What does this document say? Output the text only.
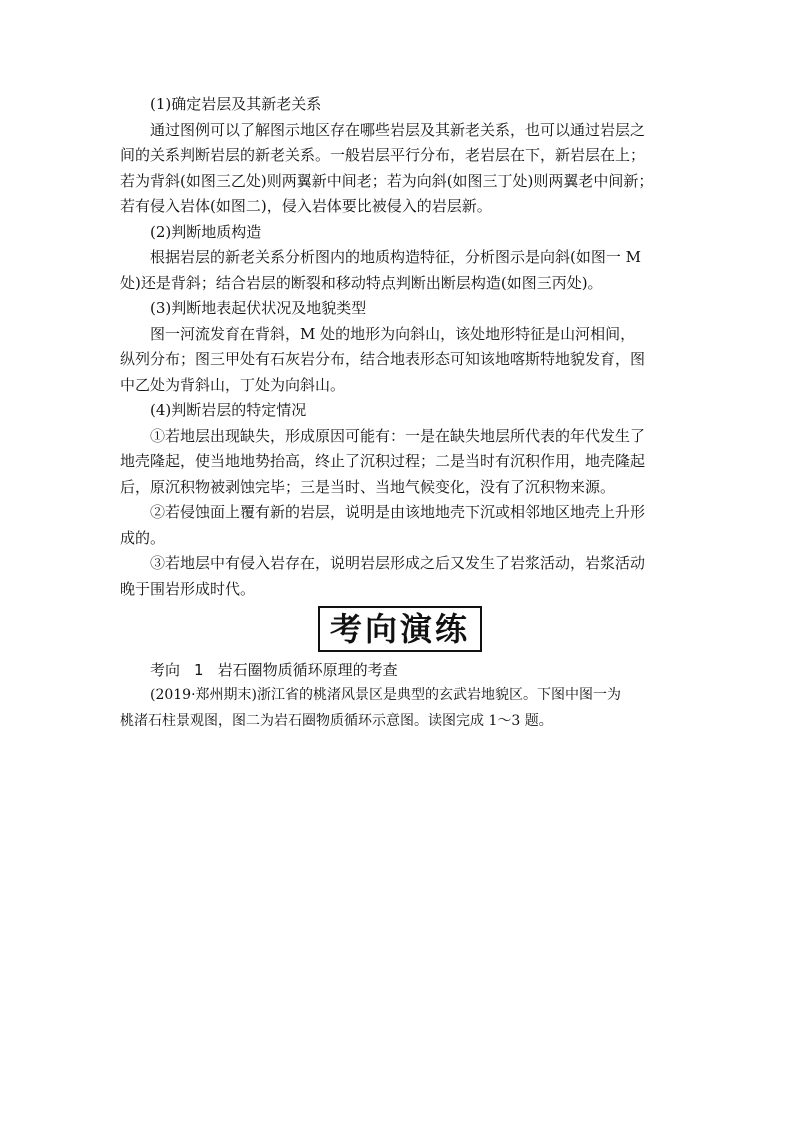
(1)确定岩层及其新老关系

通过图例可以了解图示地区存在哪些岩层及其新老关系，也可以通过岩层之

间的关系判断岩层的新老关系。一般岩层平行分布，老岩层在下，新岩层在上；

若为背斜(如图三乙处)则两翼新中间老；若为向斜(如图三丁处)则两翼老中间新；

若有侵入岩体(如图二)，侵入岩体要比被侵入的岩层新。

(2)判断地质构造

根据岩层的新老关系分析图内的地质构造特征，分析图示是向斜(如图一 M

处)还是背斜；结合岩层的断裂和移动特点判断出断层构造(如图三丙处)。

(3)判断地表起伏状况及地貌类型

图一河流发育在背斜，M 处的地形为向斜山，该处地形特征是山河相间，

纵列分布；图三甲处有石灰岩分布，结合地表形态可知该地喀斯特地貌发育，图

中乙处为背斜山，丁处为向斜山。

(4)判断岩层的特定情况

①若地层出现缺失，形成原因可能有：一是在缺失地层所代表的年代发生了

地壳隆起，使当地地势抬高，终止了沉积过程；二是当时有沉积作用，地壳隆起

后，原沉积物被剥蚀完毕；三是当时、当地气候变化，没有了沉积物来源。

②若侵蚀面上覆有新的岩层，说明是由该地地壳下沉或相邻地区地壳上升形

成的。

③若地层中有侵入岩存在，说明岩层形成之后又发生了岩浆活动，岩浆活动

晚于围岩形成时代。

考向演练
考向 1 岩石圈物质循环原理的考查

(2019·郑州期末)浙江省的桃渚风景区是典型的玄武岩地貌区。下图中图一为

桃渚石柱景观图，图二为岩石圈物质循环示意图。读图完成 1～3 题。
